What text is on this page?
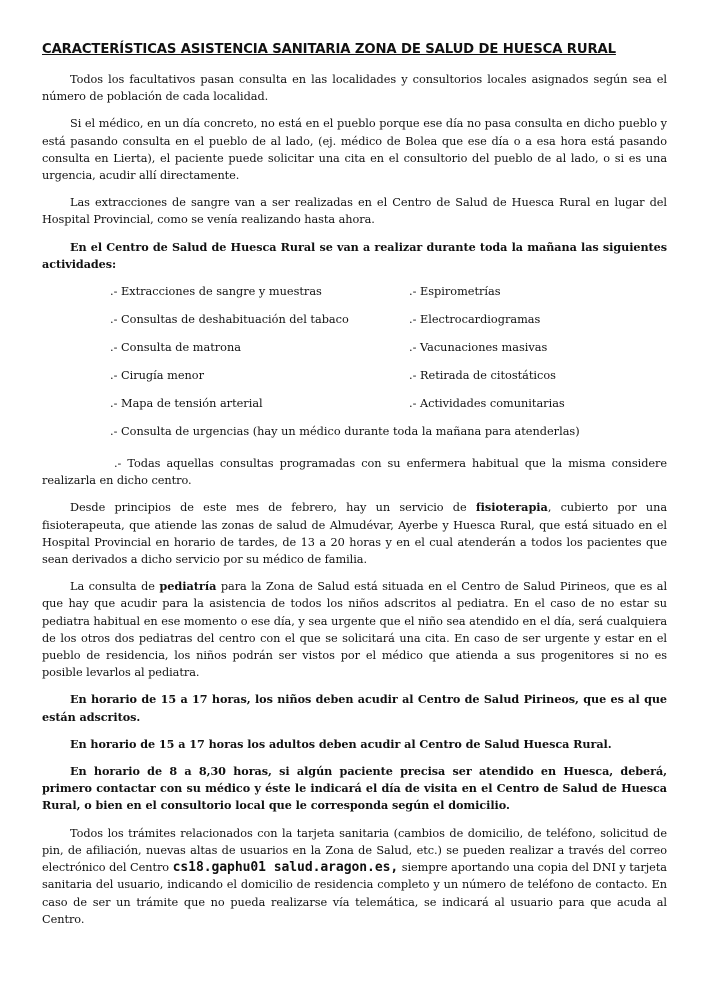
CARACTERÍSTICAS ASISTENCIA SANITARIA ZONA DE SALUD DE HUESCA RURAL

Todos los facultativos pasan consulta en las localidades y consultorios locales asignados según sea el número de población de cada localidad.

Si el médico, en un día concreto, no está en el pueblo porque ese día no pasa consulta en dicho pueblo y está pasando consulta en el pueblo de al lado, (ej. médico de Bolea que ese día o a esa hora está pasando consulta en Lierta), el paciente puede solicitar una cita en el consultorio del pueblo de al lado, o si es una urgencia, acudir allí directamente.

Las extracciones de sangre van a ser realizadas en el Centro de Salud de Huesca Rural en lugar del Hospital Provincial, como se venía realizando hasta ahora.

En el Centro de Salud de Huesca Rural se van a realizar durante toda la mañana las siguientes actividades:

.- Extracciones de sangre y muestras	.- Espirometrías
.- Consultas de deshabituación del tabaco	.- Electrocardiogramas
.- Consulta de matrona	.- Vacunaciones masivas
.- Cirugía menor	.- Retirada de citostáticos
.- Mapa de tensión arterial	.- Actividades comunitarias
.- Consulta de urgencias (hay un médico durante toda la mañana para atenderlas)

.- Todas aquellas consultas programadas con su enfermera habitual que la misma considere realizarla en dicho centro.

Desde principios de este mes de febrero, hay un servicio de fisioterapia, cubierto por una fisioterapeuta, que atiende las zonas de salud de Almudévar, Ayerbe y Huesca Rural, que está situado en el Hospital Provincial en horario de tardes, de 13 a 20 horas y en el cual atenderán a todos los pacientes que sean derivados a dicho servicio por su médico de familia.

La consulta de pediatría para la Zona de Salud está situada en el Centro de Salud Pirineos, que es al que hay que acudir para la asistencia de todos los niños adscritos al pediatra. En el caso de no estar su pediatra habitual en ese momento o ese día, y sea urgente que el niño sea atendido en el día, será cualquiera de los otros dos pediatras del centro con el que se solicitará una cita. En caso de ser urgente y estar en el pueblo de residencia, los niños podrán ser vistos por el médico que atienda a sus progenitores si no es posible levarlos al pediatra.

En horario de 15 a 17 horas, los niños deben acudir al Centro de Salud Pirineos, que es al que están adscritos.

En horario de 15 a 17 horas los adultos deben acudir al Centro de Salud Huesca Rural.

En horario de 8 a 8,30 horas, si algún paciente precisa ser atendido en Huesca, deberá, primero contactar con su médico y éste le indicará el día de visita en el Centro de Salud de Huesca Rural, o bien en el consultorio local que le corresponda según el domicilio.

Todos los trámites relacionados con la tarjeta sanitaria (cambios de domicilio, de teléfono, solicitud de pin, de afiliación, nuevas altas de usuarios en la Zona de Salud, etc.) se pueden realizar a través del correo electrónico del Centro cs18.gaphu01 salud.aragon.es, siempre aportando una copia del DNI y tarjeta sanitaria del usuario, indicando el domicilio de residencia completo y un número de teléfono de contacto. En caso de ser un trámite que no pueda realizarse vía telemática, se indicará al usuario para que acuda al Centro.
